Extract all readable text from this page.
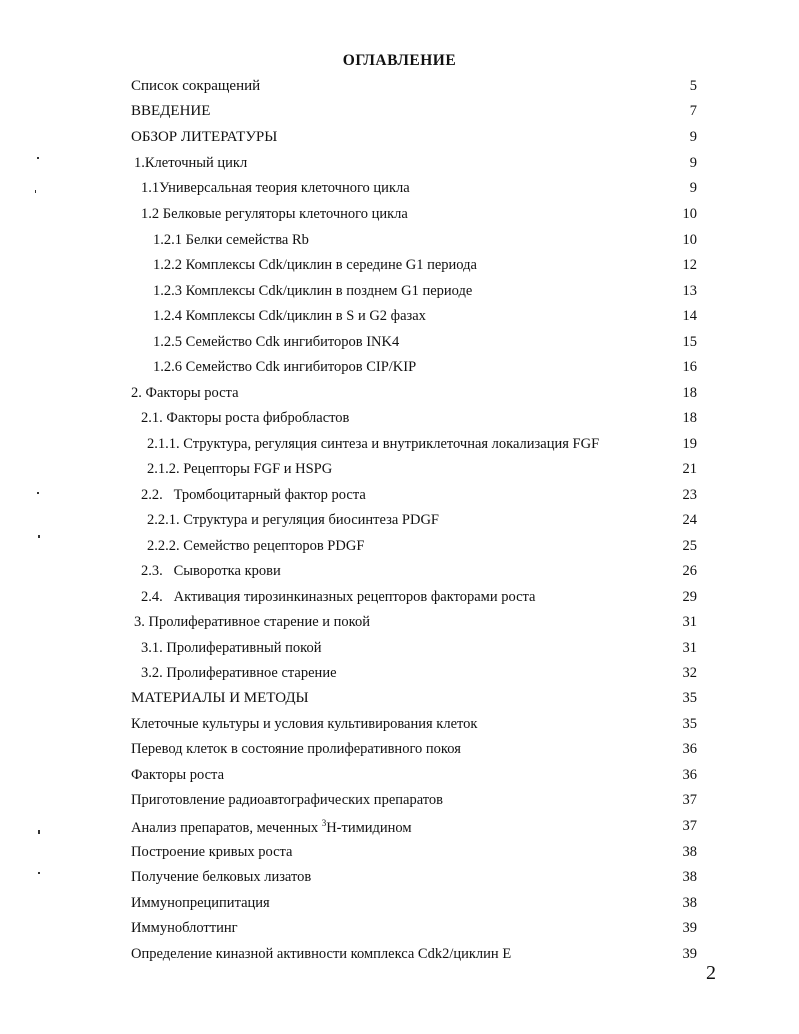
ОГЛАВЛЕНИЕ
Список сокращений	5
ВВЕДЕНИЕ	7
ОБЗОР ЛИТЕРАТУРЫ	9
1.Клеточный цикл	9
1.1Универсальная теория клеточного цикла	9
1.2 Белковые регуляторы клеточного цикла	10
1.2.1 Белки семейства Rb	10
1.2.2 Комплексы Cdk/циклин в середине G1 периода	12
1.2.3 Комплексы Cdk/циклин в позднем G1 периоде	13
1.2.4 Комплексы Cdk/циклин в S и G2 фазах	14
1.2.5 Семейство Cdk ингибиторов INK4	15
1.2.6 Семейство Cdk ингибиторов CIP/KIP	16
2. Факторы роста	18
2.1. Факторы роста фибробластов	18
2.1.1. Структура, регуляция синтеза и внутриклеточная локализация FGF	19
2.1.2. Рецепторы FGF и HSPG	21
2.2.   Тромбоцитарный фактор роста	23
2.2.1. Структура и регуляция биосинтеза PDGF	24
2.2.2. Семейство рецепторов PDGF	25
2.3.   Сыворотка крови	26
2.4.   Активация тирозинкиназных рецепторов факторами роста	29
3. Пролиферативное старение и покой	31
3.1. Пролиферативный покой	31
3.2. Пролиферативное старение	32
МАТЕРИАЛЫ И МЕТОДЫ	35
Клеточные культуры и условия культивирования клеток	35
Перевод клеток в состояние пролиферативного покоя	36
Факторы роста	36
Приготовление радиоавтографических препаратов	37
Анализ препаратов, меченных $^3$Н-тимидином	37
Построение кривых роста	38
Получение белковых лизатов	38
Иммунопреципитация	38
Иммуноблоттинг	39
Определение киназной активности комплекса Cdk2/циклин Е	39
2
